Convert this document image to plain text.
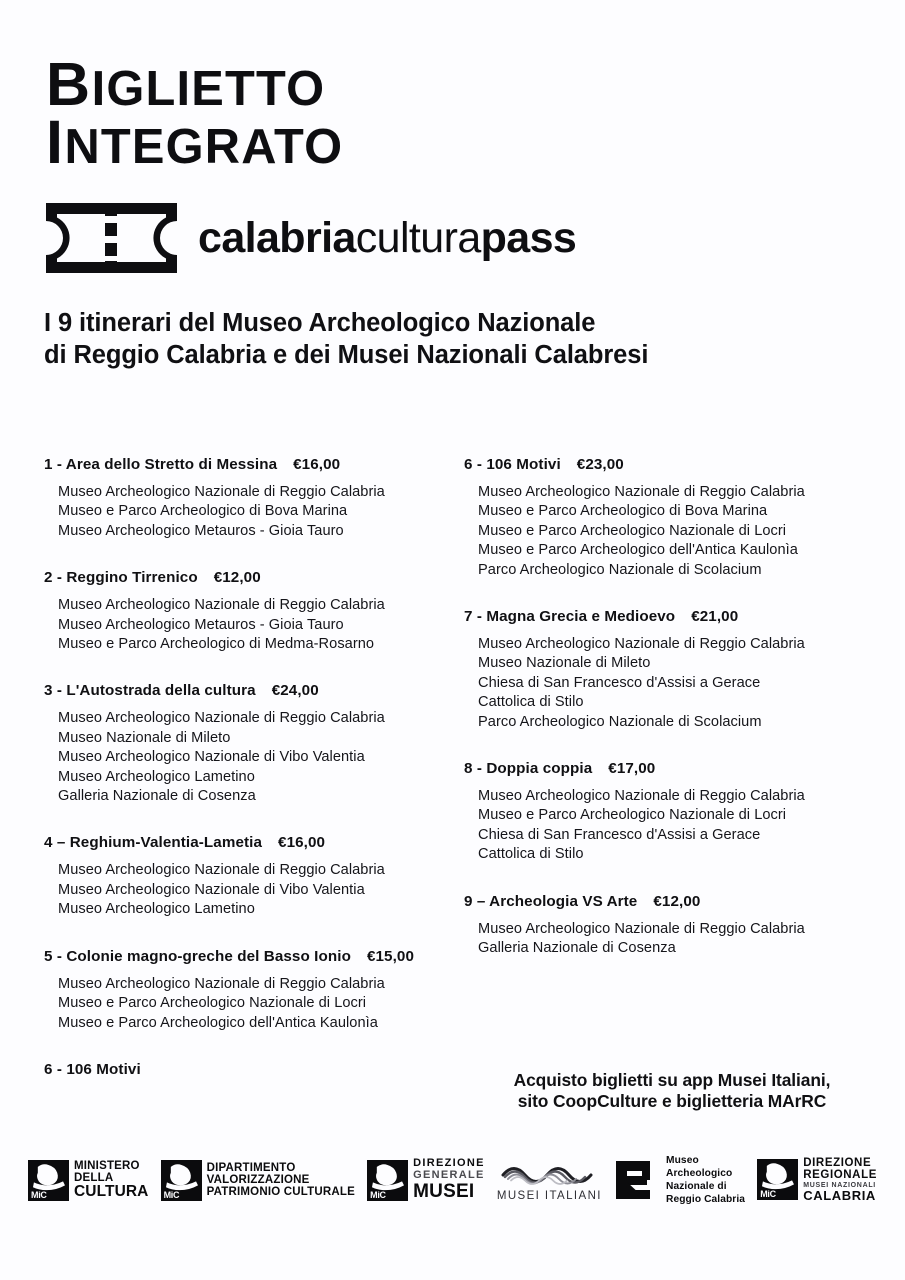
BIGLIETTO
INTEGRATO
calabriaculturapass
I 9 itinerari del Museo Archeologico Nazionale
di Reggio Calabria e dei Musei Nazionali Calabresi
1 - Area dello Stretto di Messina €16,00
Museo Archeologico Nazionale di Reggio Calabria
Museo e Parco Archeologico di Bova Marina
Museo Archeologico Metauros - Gioia Tauro
2 - Reggino Tirrenico €12,00
Museo Archeologico Nazionale di Reggio Calabria
Museo Archeologico Metauros - Gioia Tauro
Museo e Parco Archeologico di Medma-Rosarno
3 - L'Autostrada della cultura €24,00
Museo Archeologico Nazionale di Reggio Calabria
Museo Nazionale di Mileto
Museo Archeologico Nazionale di Vibo Valentia
Museo Archeologico Lametino
Galleria Nazionale di Cosenza
4 – Reghium-Valentia-Lametia €16,00
Museo Archeologico Nazionale di Reggio Calabria
Museo Archeologico Nazionale di Vibo Valentia
Museo Archeologico Lametino
5 - Colonie magno-greche del Basso Ionio €15,00
Museo Archeologico Nazionale di Reggio Calabria
Museo e Parco Archeologico Nazionale di Locri
Museo e Parco Archeologico dell'Antica Kaulonìa
6 - 106 Motivi
6 - 106 Motivi €23,00
Museo Archeologico Nazionale di Reggio Calabria
Museo e Parco Archeologico di Bova Marina
Museo e Parco Archeologico Nazionale di Locri
Museo e Parco Archeologico dell'Antica Kaulonìa
Parco Archeologico Nazionale di Scolacium
7 - Magna Grecia e Medioevo €21,00
Museo Archeologico Nazionale di Reggio Calabria
Museo Nazionale di Mileto
Chiesa di San Francesco d'Assisi a Gerace
Cattolica di Stilo
Parco Archeologico Nazionale di Scolacium
8 - Doppia coppia €17,00
Museo Archeologico Nazionale di Reggio Calabria
Museo e Parco Archeologico Nazionale di Locri
Chiesa di San Francesco d'Assisi a Gerace
Cattolica di Stilo
9 – Archeologia VS Arte €12,00
Museo Archeologico Nazionale di Reggio Calabria
Galleria Nazionale di Cosenza
Acquisto biglietti su app Musei Italiani,
sito CoopCulture e biglietteria MArRC
MiC
MINISTERO
DELLA
CULTURA MiC
DIPARTIMENTO
VALORIZZAZIONE
PATRIMONIO CULTURALE MiC
DIREZIONE
GENERALE
MUSEI	MUSEI ITALIANI
Museo
Archeologico
Nazionale di
Reggio Calabria MiC
DIREZIONE
REGIONALE
MUSEI NAZIONALI
CALABRIA
